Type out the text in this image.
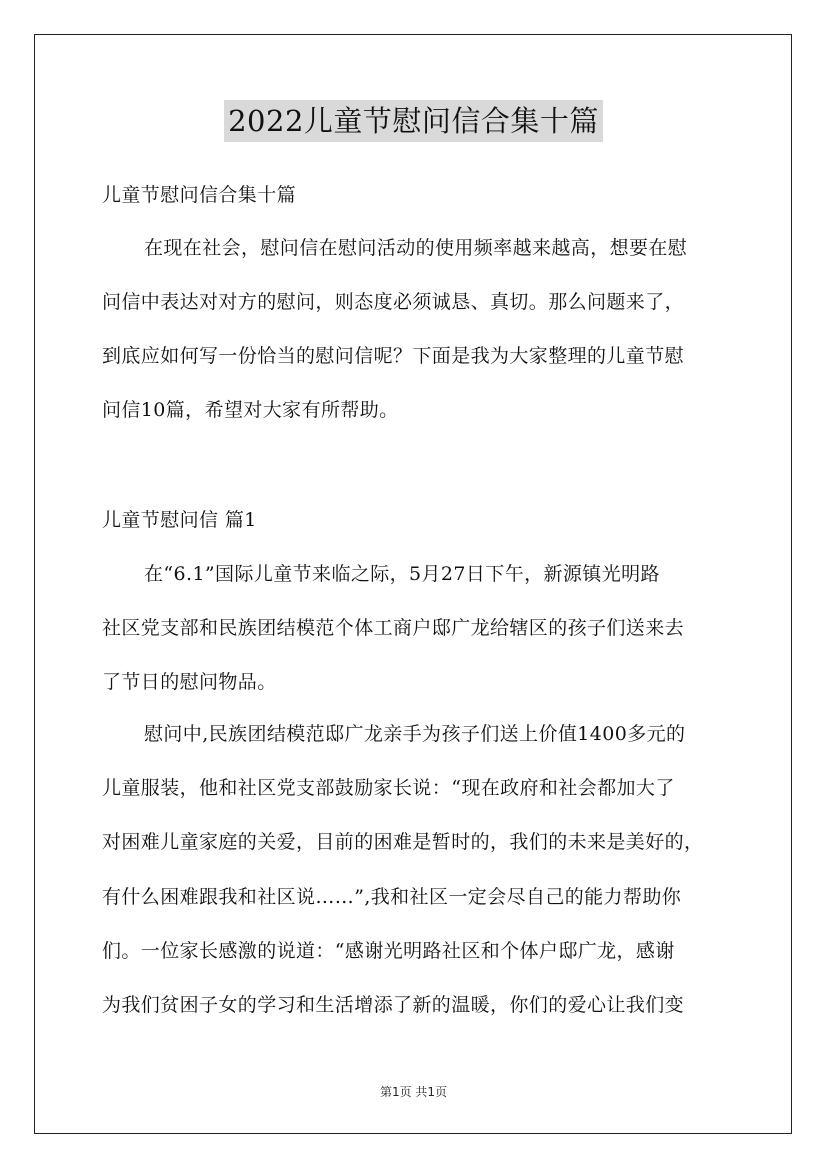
2022儿童节慰问信合集十篇
儿童节慰问信合集十篇
在现在社会，慰问信在慰问活动的使用频率越来越高，想要在慰
问信中表达对对方的慰问，则态度必须诚恳、真切。那么问题来了，
到底应如何写一份恰当的慰问信呢？下面是我为大家整理的儿童节慰
问信10篇，希望对大家有所帮助。
儿童节慰问信 篇1
在“6.1”国际儿童节来临之际，5月27日下午，新源镇光明路
社区党支部和民族团结模范个体工商户邸广龙给辖区的孩子们送来去
了节日的慰问物品。
慰问中,民族团结模范邸广龙亲手为孩子们送上价值1400多元的
儿童服装，他和社区党支部鼓励家长说：“现在政府和社会都加大了
对困难儿童家庭的关爱，目前的困难是暂时的，我们的未来是美好的，
有什么困难跟我和社区说……”,我和社区一定会尽自己的能力帮助你
们。一位家长感激的说道：“感谢光明路社区和个体户邸广龙，感谢
为我们贫困子女的学习和生活增添了新的温暖，你们的爱心让我们变
第1页 共1页
